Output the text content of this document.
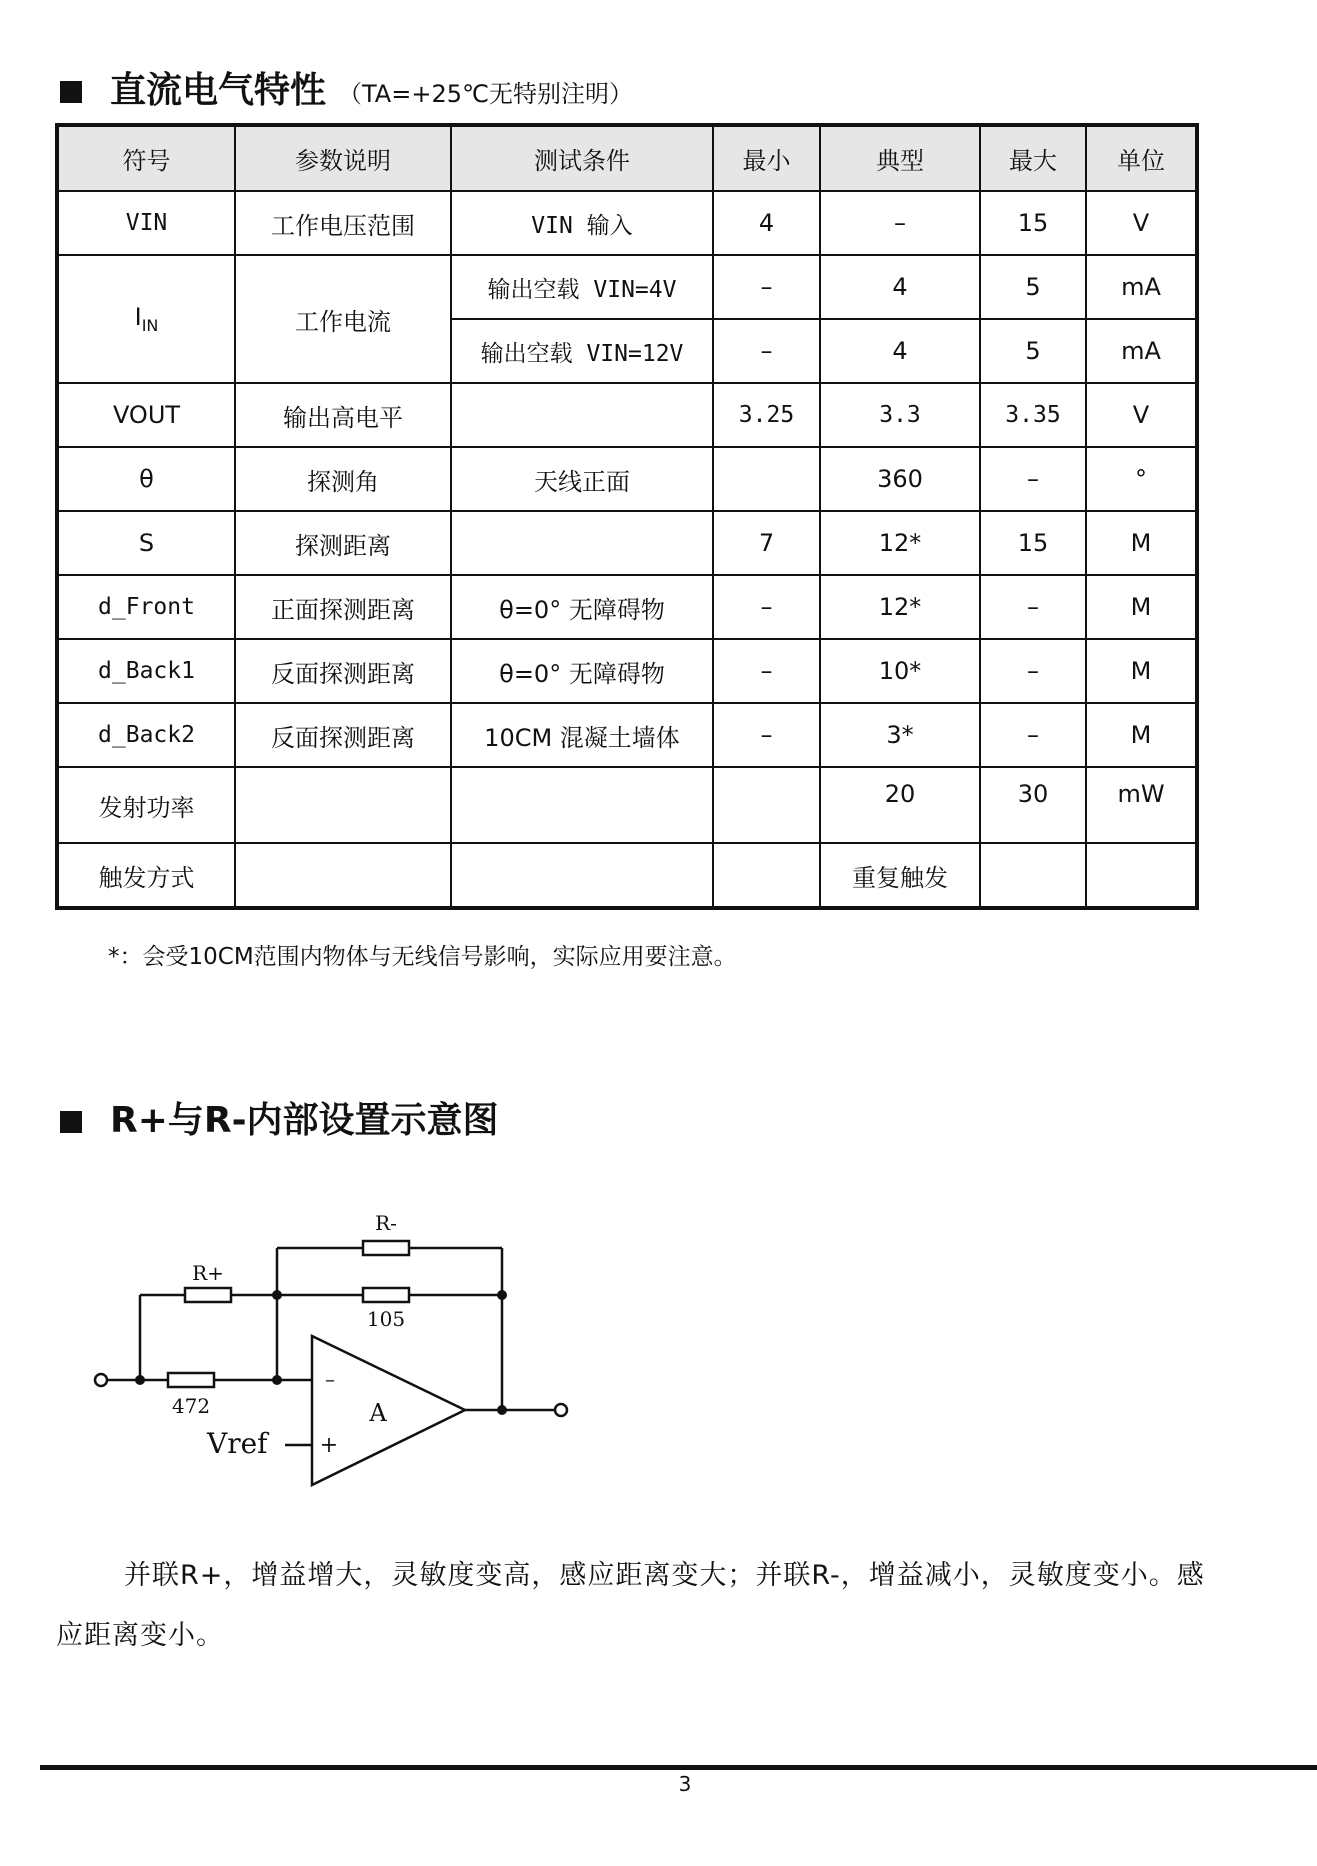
直流电气特性 （TA=+25℃无特别注明）
符号	参数说明	测试条件	最小	典型	最大	单位
VIN	工作电压范围	VIN 输入	4	–	15	V
$I_{IN}$	工作电流	输出空载 VIN=4V	–	4	5	mA
		输出空载 VIN=12V	–	4	5	mA
VOUT	输出高电平		3.25	3.3	3.35	V
θ	探测角	天线正面		360	–	°
S	探测距离		7	12*	15	M
d_Front	正面探测距离	θ=0° 无障碍物	–	12*	–	M
d_Back1	反面探测距离	θ=0° 无障碍物	–	10*	–	M
d_Back2	反面探测距离	10CM 混凝土墙体	–	3*	–	M
发射功率				20	30	mW
触发方式				重复触发		
*：会受10CM范围内物体与无线信号影响，实际应用要注意。
R+与R-内部设置示意图
R-
R+
105
472	A
Vref
–
+
并联R+，增益增大，灵敏度变高，感应距离变大；并联R-，增益减小，灵敏度变小。感
应距离变小。
3
